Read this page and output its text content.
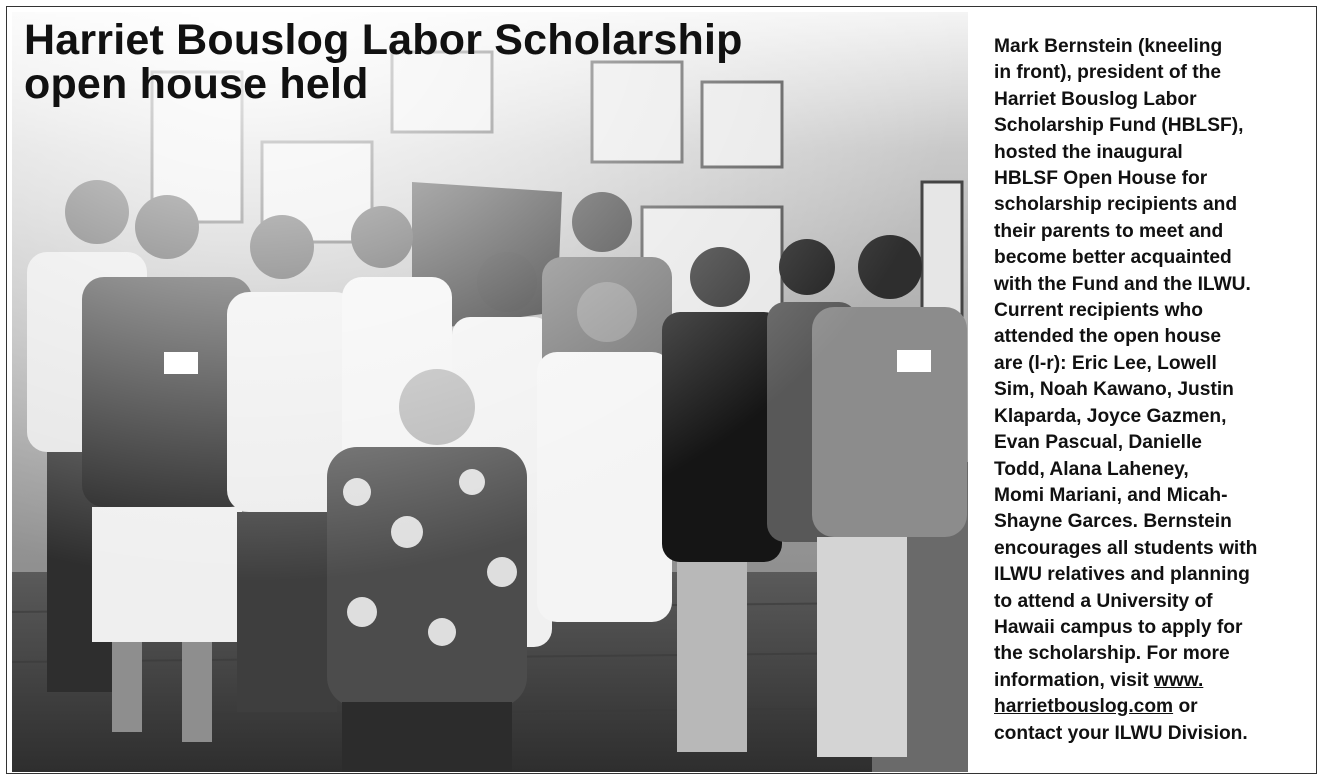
Harriet Bouslog Labor Scholarship
open house held

Mark Bernstein (kneeling
in front), president of the
Harriet Bouslog Labor
Scholarship Fund (HBLSF),
hosted the inaugural
HBLSF Open House for
scholarship recipients and
their parents to meet and
become better acquainted
with the Fund and the ILWU.
Current recipients who
attended the open house
are (l-r): Eric Lee, Lowell
Sim, Noah Kawano, Justin
Klaparda, Joyce Gazmen,
Evan Pascual, Danielle
Todd, Alana Laheney,
Momi Mariani, and Micah-
Shayne Garces. Bernstein
encourages all students with
ILWU relatives and planning
to attend a University of
Hawaii campus to apply for
the scholarship. For more
information, visit www.
harrietbouslog.com or
contact your ILWU Division.
